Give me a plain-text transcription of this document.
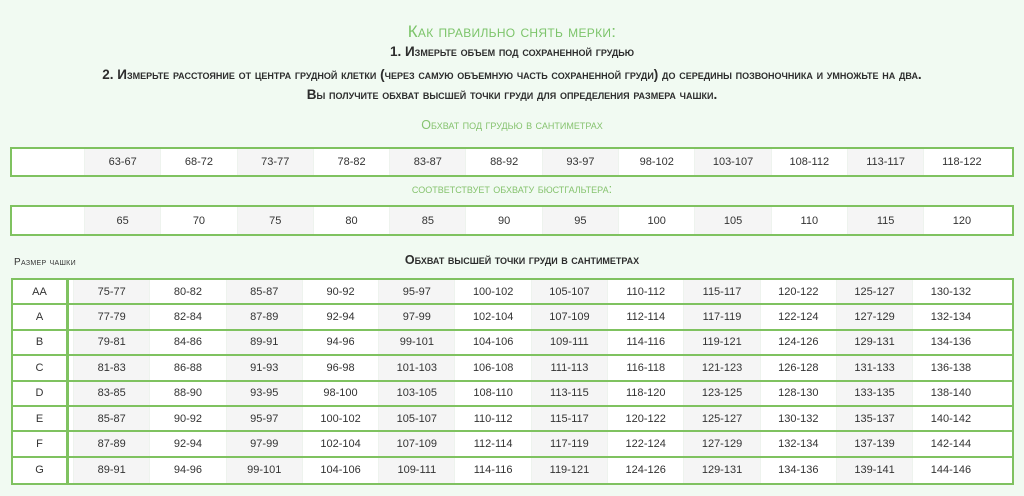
Как правильно снять мерки:
1. Измерьте объем под сохраненной грудью
2. Измерьте расстояние от центра грудной клетки (через самую объемную часть сохраненной груди) до середины позвоночника и умножьте на два.
Вы получите обхват высшей точки груди для определения размера чашки.
Обхват под грудью в сантиметрах
63-67	68-72	73-77	78-82	83-87	88-92	93-97	98-102	103-107	108-112	113-117	118-122
соответствует обхвату бюстгальтера:
65	70	75	80	85	90	95	100	105	110	115	120
Размер чашки	Обхват высшей точки груди в сантиметрах
AA	75-77	80-82	85-87	90-92	95-97	100-102	105-107	110-112	115-117	120-122	125-127	130-132
A	77-79	82-84	87-89	92-94	97-99	102-104	107-109	112-114	117-119	122-124	127-129	132-134
B	79-81	84-86	89-91	94-96	99-101	104-106	109-111	114-116	119-121	124-126	129-131	134-136
C	81-83	86-88	91-93	96-98	101-103	106-108	111-113	116-118	121-123	126-128	131-133	136-138
D	83-85	88-90	93-95	98-100	103-105	108-110	113-115	118-120	123-125	128-130	133-135	138-140
E	85-87	90-92	95-97	100-102	105-107	110-112	115-117	120-122	125-127	130-132	135-137	140-142
F	87-89	92-94	97-99	102-104	107-109	112-114	117-119	122-124	127-129	132-134	137-139	142-144
G	89-91	94-96	99-101	104-106	109-111	114-116	119-121	124-126	129-131	134-136	139-141	144-146
